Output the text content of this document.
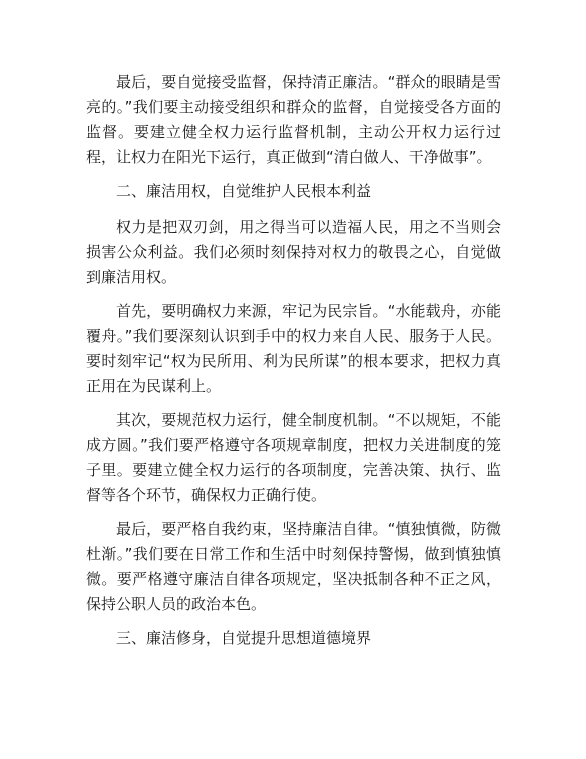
最后，要自觉接受监督，保持清正廉洁。“群众的眼睛是雪亮的。”我们要主动接受组织和群众的监督，自觉接受各方面的监督。要建立健全权力运行监督机制，主动公开权力运行过程，让权力在阳光下运行，真正做到“清白做人、干净做事”。

二、廉洁用权，自觉维护人民根本利益

权力是把双刃剑，用之得当可以造福人民，用之不当则会损害公众利益。我们必须时刻保持对权力的敬畏之心，自觉做到廉洁用权。

首先，要明确权力来源，牢记为民宗旨。“水能载舟，亦能覆舟。”我们要深刻认识到手中的权力来自人民、服务于人民。要时刻牢记“权为民所用、利为民所谋”的根本要求，把权力真正用在为民谋利上。

其次，要规范权力运行，健全制度机制。“不以规矩，不能成方圆。”我们要严格遵守各项规章制度，把权力关进制度的笼子里。要建立健全权力运行的各项制度，完善决策、执行、监督等各个环节，确保权力正确行使。

最后，要严格自我约束，坚持廉洁自律。“慎独慎微，防微杜渐。”我们要在日常工作和生活中时刻保持警惕，做到慎独慎微。要严格遵守廉洁自律各项规定，坚决抵制各种不正之风，保持公职人员的政治本色。

三、廉洁修身，自觉提升思想道德境界
